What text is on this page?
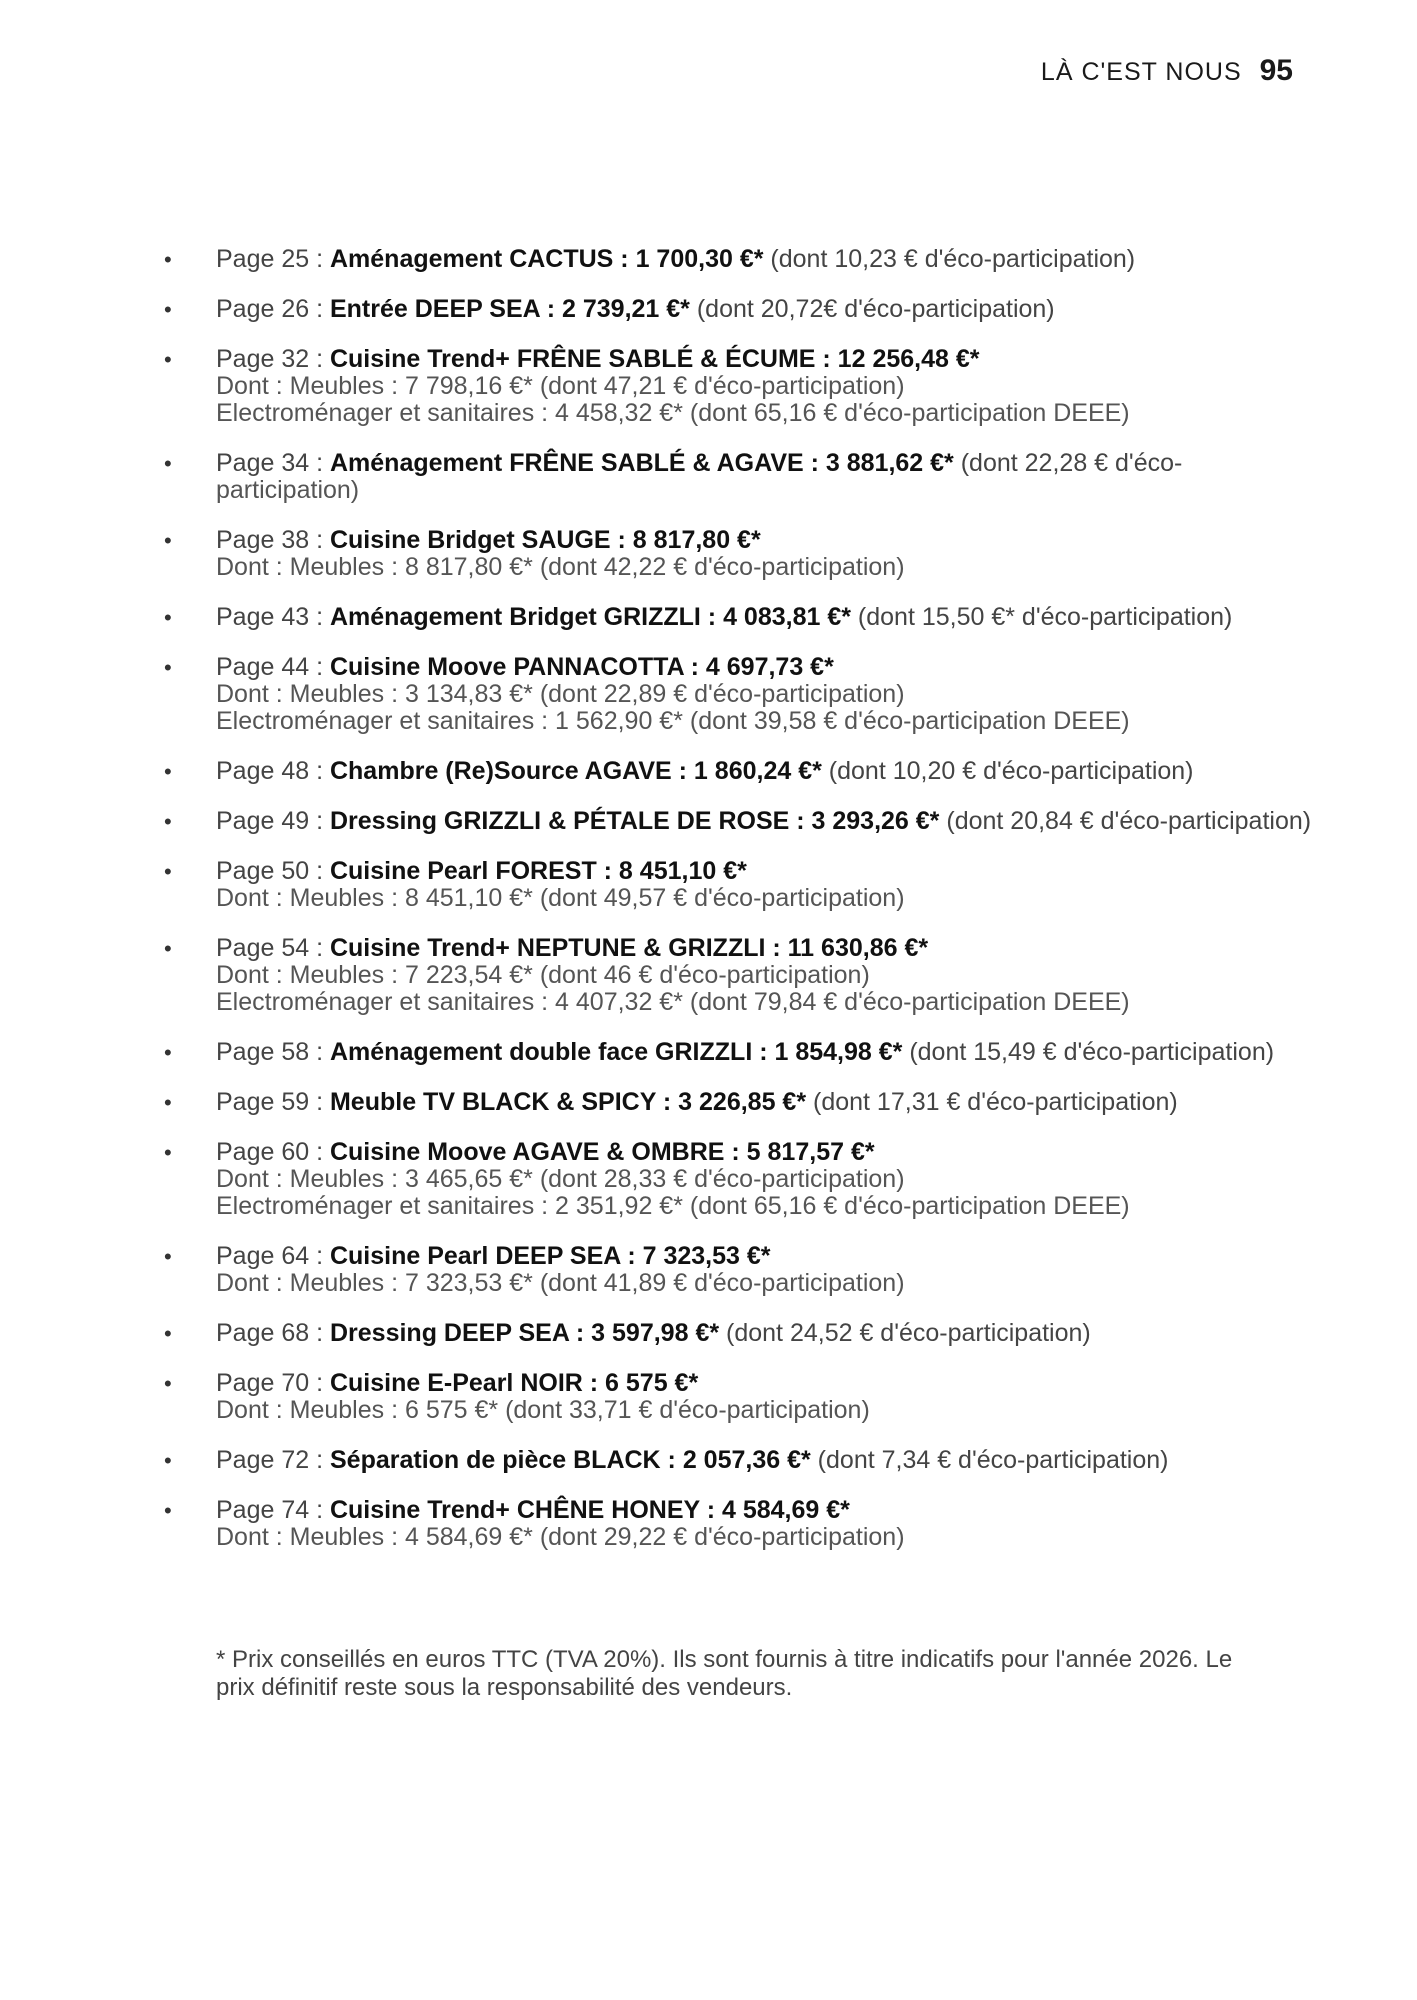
LÀ C'EST NOUS 95
• Page 25 : Aménagement CACTUS : 1 700,30 €* (dont 10,23 € d'éco-participation)
• Page 26 : Entrée DEEP SEA : 2 739,21 €* (dont 20,72€ d'éco-participation)
• Page 32 : Cuisine Trend+ FRÊNE SABLÉ & ÉCUME : 12 256,48 €*
Dont : Meubles : 7 798,16 €* (dont 47,21 € d'éco-participation)
Electroménager et sanitaires : 4 458,32 €* (dont 65,16 € d'éco-participation DEEE)
• Page 34 : Aménagement FRÊNE SABLÉ & AGAVE : 3 881,62 €* (dont 22,28 € d'éco-
participation)
• Page 38 : Cuisine Bridget SAUGE : 8 817,80 €*
Dont : Meubles : 8 817,80 €* (dont 42,22 € d'éco-participation)
• Page 43 : Aménagement Bridget GRIZZLI : 4 083,81 €* (dont 15,50 €* d'éco-participation)
• Page 44 : Cuisine Moove PANNACOTTA : 4 697,73 €*
Dont : Meubles : 3 134,83 €* (dont 22,89 € d'éco-participation)
Electroménager et sanitaires : 1 562,90 €* (dont 39,58 € d'éco-participation DEEE)
• Page 48 : Chambre (Re)Source AGAVE : 1 860,24 €* (dont 10,20 € d'éco-participation)
• Page 49 : Dressing GRIZZLI & PÉTALE DE ROSE : 3 293,26 €* (dont 20,84 € d'éco-participation)
• Page 50 : Cuisine Pearl FOREST : 8 451,10 €*
Dont : Meubles : 8 451,10 €* (dont 49,57 € d'éco-participation)
• Page 54 : Cuisine Trend+ NEPTUNE & GRIZZLI : 11 630,86 €*
Dont : Meubles : 7 223,54 €* (dont 46 € d'éco-participation)
Electroménager et sanitaires : 4 407,32 €* (dont 79,84 € d'éco-participation DEEE)
• Page 58 : Aménagement double face GRIZZLI : 1 854,98 €* (dont 15,49 € d'éco-participation)
• Page 59 : Meuble TV BLACK & SPICY : 3 226,85 €* (dont 17,31 € d'éco-participation)
• Page 60 : Cuisine Moove AGAVE & OMBRE : 5 817,57 €*
Dont : Meubles : 3 465,65 €* (dont 28,33 € d'éco-participation)
Electroménager et sanitaires : 2 351,92 €* (dont 65,16 € d'éco-participation DEEE)
• Page 64 : Cuisine Pearl DEEP SEA : 7 323,53 €*
Dont : Meubles : 7 323,53 €* (dont 41,89 € d'éco-participation)
• Page 68 : Dressing DEEP SEA : 3 597,98 €* (dont 24,52 € d'éco-participation)
• Page 70 : Cuisine E-Pearl NOIR : 6 575 €*
Dont : Meubles : 6 575 €* (dont 33,71 € d'éco-participation)
• Page 72 : Séparation de pièce BLACK : 2 057,36 €* (dont 7,34 € d'éco-participation)
• Page 74 : Cuisine Trend+ CHÊNE HONEY : 4 584,69 €*
Dont : Meubles : 4 584,69 €* (dont 29,22 € d'éco-participation)
* Prix conseillés en euros TTC (TVA 20%). Ils sont fournis à titre indicatifs pour l'année 2026. Le prix définitif reste sous la responsabilité des vendeurs.
